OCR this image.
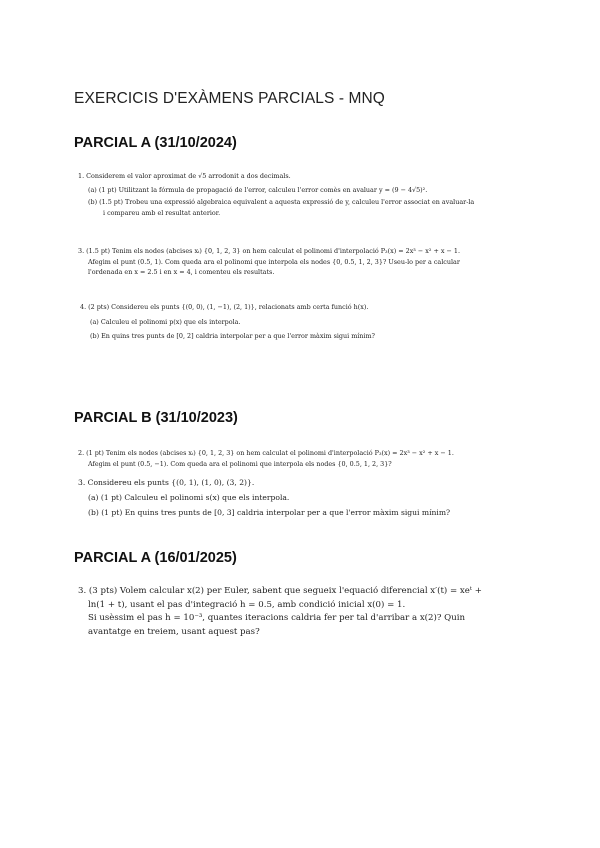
EXERCICIS D'EXÀMENS PARCIALS - MNQ
PARCIAL A (31/10/2024)
1. Considerem el valor aproximat de √5 arrodonit a dos decimals.
(a) (1 pt) Utilitzant la fórmula de propagació de l'error, calculeu l'error comès en avaluar y = (9 − 4√5)².
(b) (1.5 pt) Trobeu una expressió algebraica equivalent a aquesta expressió de y, calculeu l'error associat en avaluar-la
i compareu amb el resultat anterior.
3. (1.5 pt) Tenim els nodes (abcises xᵢ) {0, 1, 2, 3} on hem calculat el polinomi d'interpolació P₃(x) = 2x³ − x² + x − 1.
Afegim el punt (0.5, 1). Com queda ara el polinomi que interpola els nodes {0, 0.5, 1, 2, 3}? Useu-lo per a calcular
l'ordenada en x = 2.5 i en x = 4, i comenteu els resultats.
4. (2 pts) Considereu els punts {(0, 0), (1, −1), (2, 1)}, relacionats amb certa funció h(x).
(a) Calculeu el polinomi p(x) que els interpola.
(b) En quins tres punts de [0, 2] caldria interpolar per a que l'error màxim sigui mínim?
PARCIAL B (31/10/2023)
2. (1 pt) Tenim els nodes (abcises xᵢ) {0, 1, 2, 3} on hem calculat el polinomi d'interpolació P₃(x) = 2x³ − x² + x − 1.
Afegim el punt (0.5, −1). Com queda ara el polinomi que interpola els nodes {0, 0.5, 1, 2, 3}?
3. Considereu els punts {(0, 1), (1, 0), (3, 2)}.
(a) (1 pt) Calculeu el polinomi s(x) que els interpola.
(b) (1 pt) En quins tres punts de [0, 3] caldria interpolar per a que l'error màxim sigui mínim?
PARCIAL A (16/01/2025)
3. (3 pts) Volem calcular x(2) per Euler, sabent que segueix l'equació diferencial x′(t) = xeᵗ +
ln(1 + t), usant el pas d'integració h = 0.5, amb condició inicial x(0) = 1.
Si usèssim el pas h = 10⁻³, quantes iteracions caldria fer per tal d'arribar a x(2)? Quin
avantatge en treiem, usant aquest pas?
